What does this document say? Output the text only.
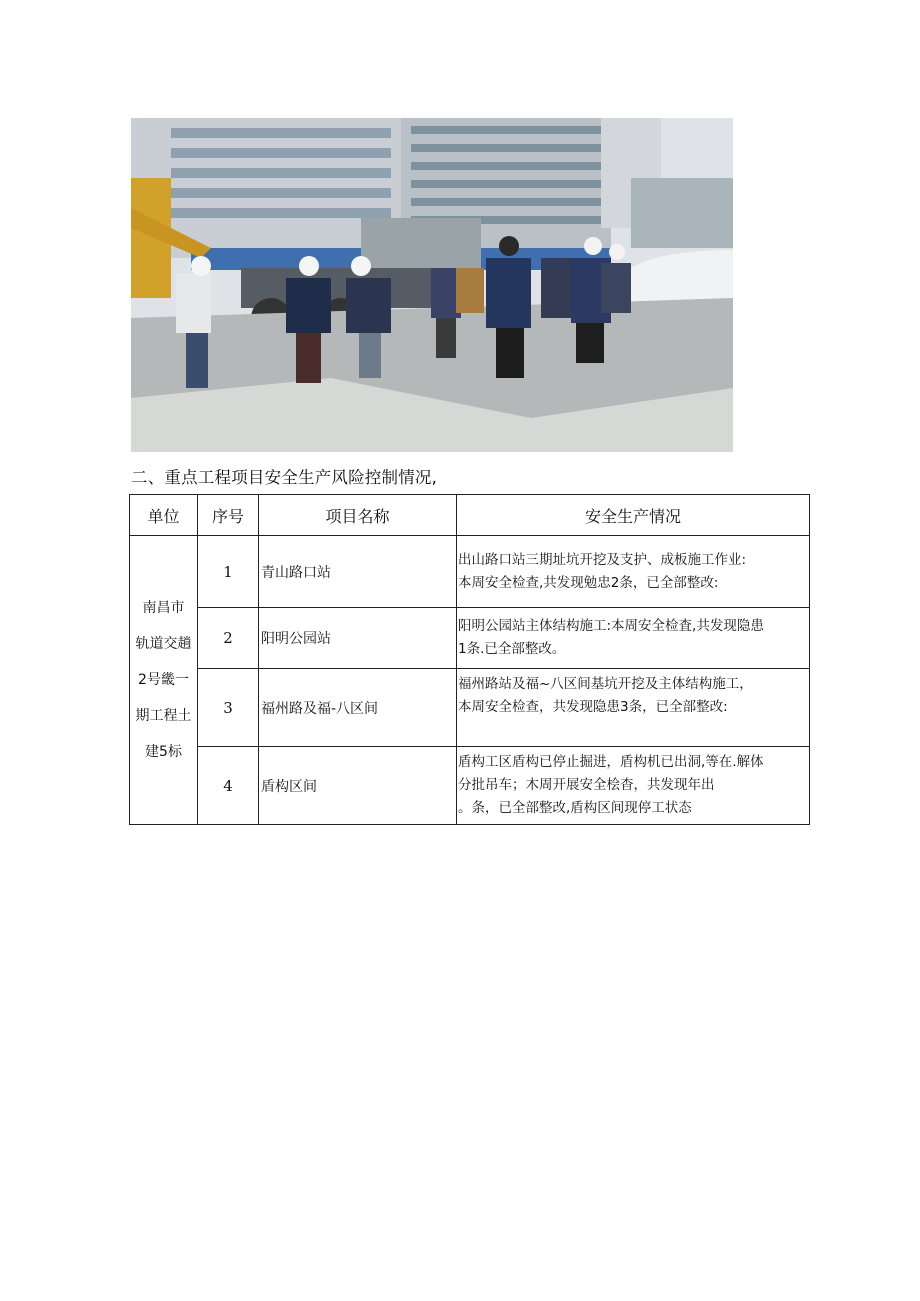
二、重点工程项目安全生产风险控制情况,
单位	序号	项目名称	安全生产情况

南昌市
轨道交趟
2号畿一
期工程土
建5标	1	青山路口站	出山路口站三期址坑开挖及支护、成板施工作业:
本周安全检查,共发现勉忠2条，已全部整改:

	2	阳明公园站	阳明公园站主体结构施工:本周安全检査,共发现隐患
1条.已全部整改。

	3	福州路及福-八区间	福州路站及福~八区间基坑开挖及主体结构施工，
本周安全检查，共发现隐患3条，已全部整改:

	4	盾构区间	盾构工区盾构已停止掘进，盾构机已出洞,等在.解体
分批吊车；木周开展安全桧杳，共发现年出
。条，已全部整改,盾构区间现停工状态
